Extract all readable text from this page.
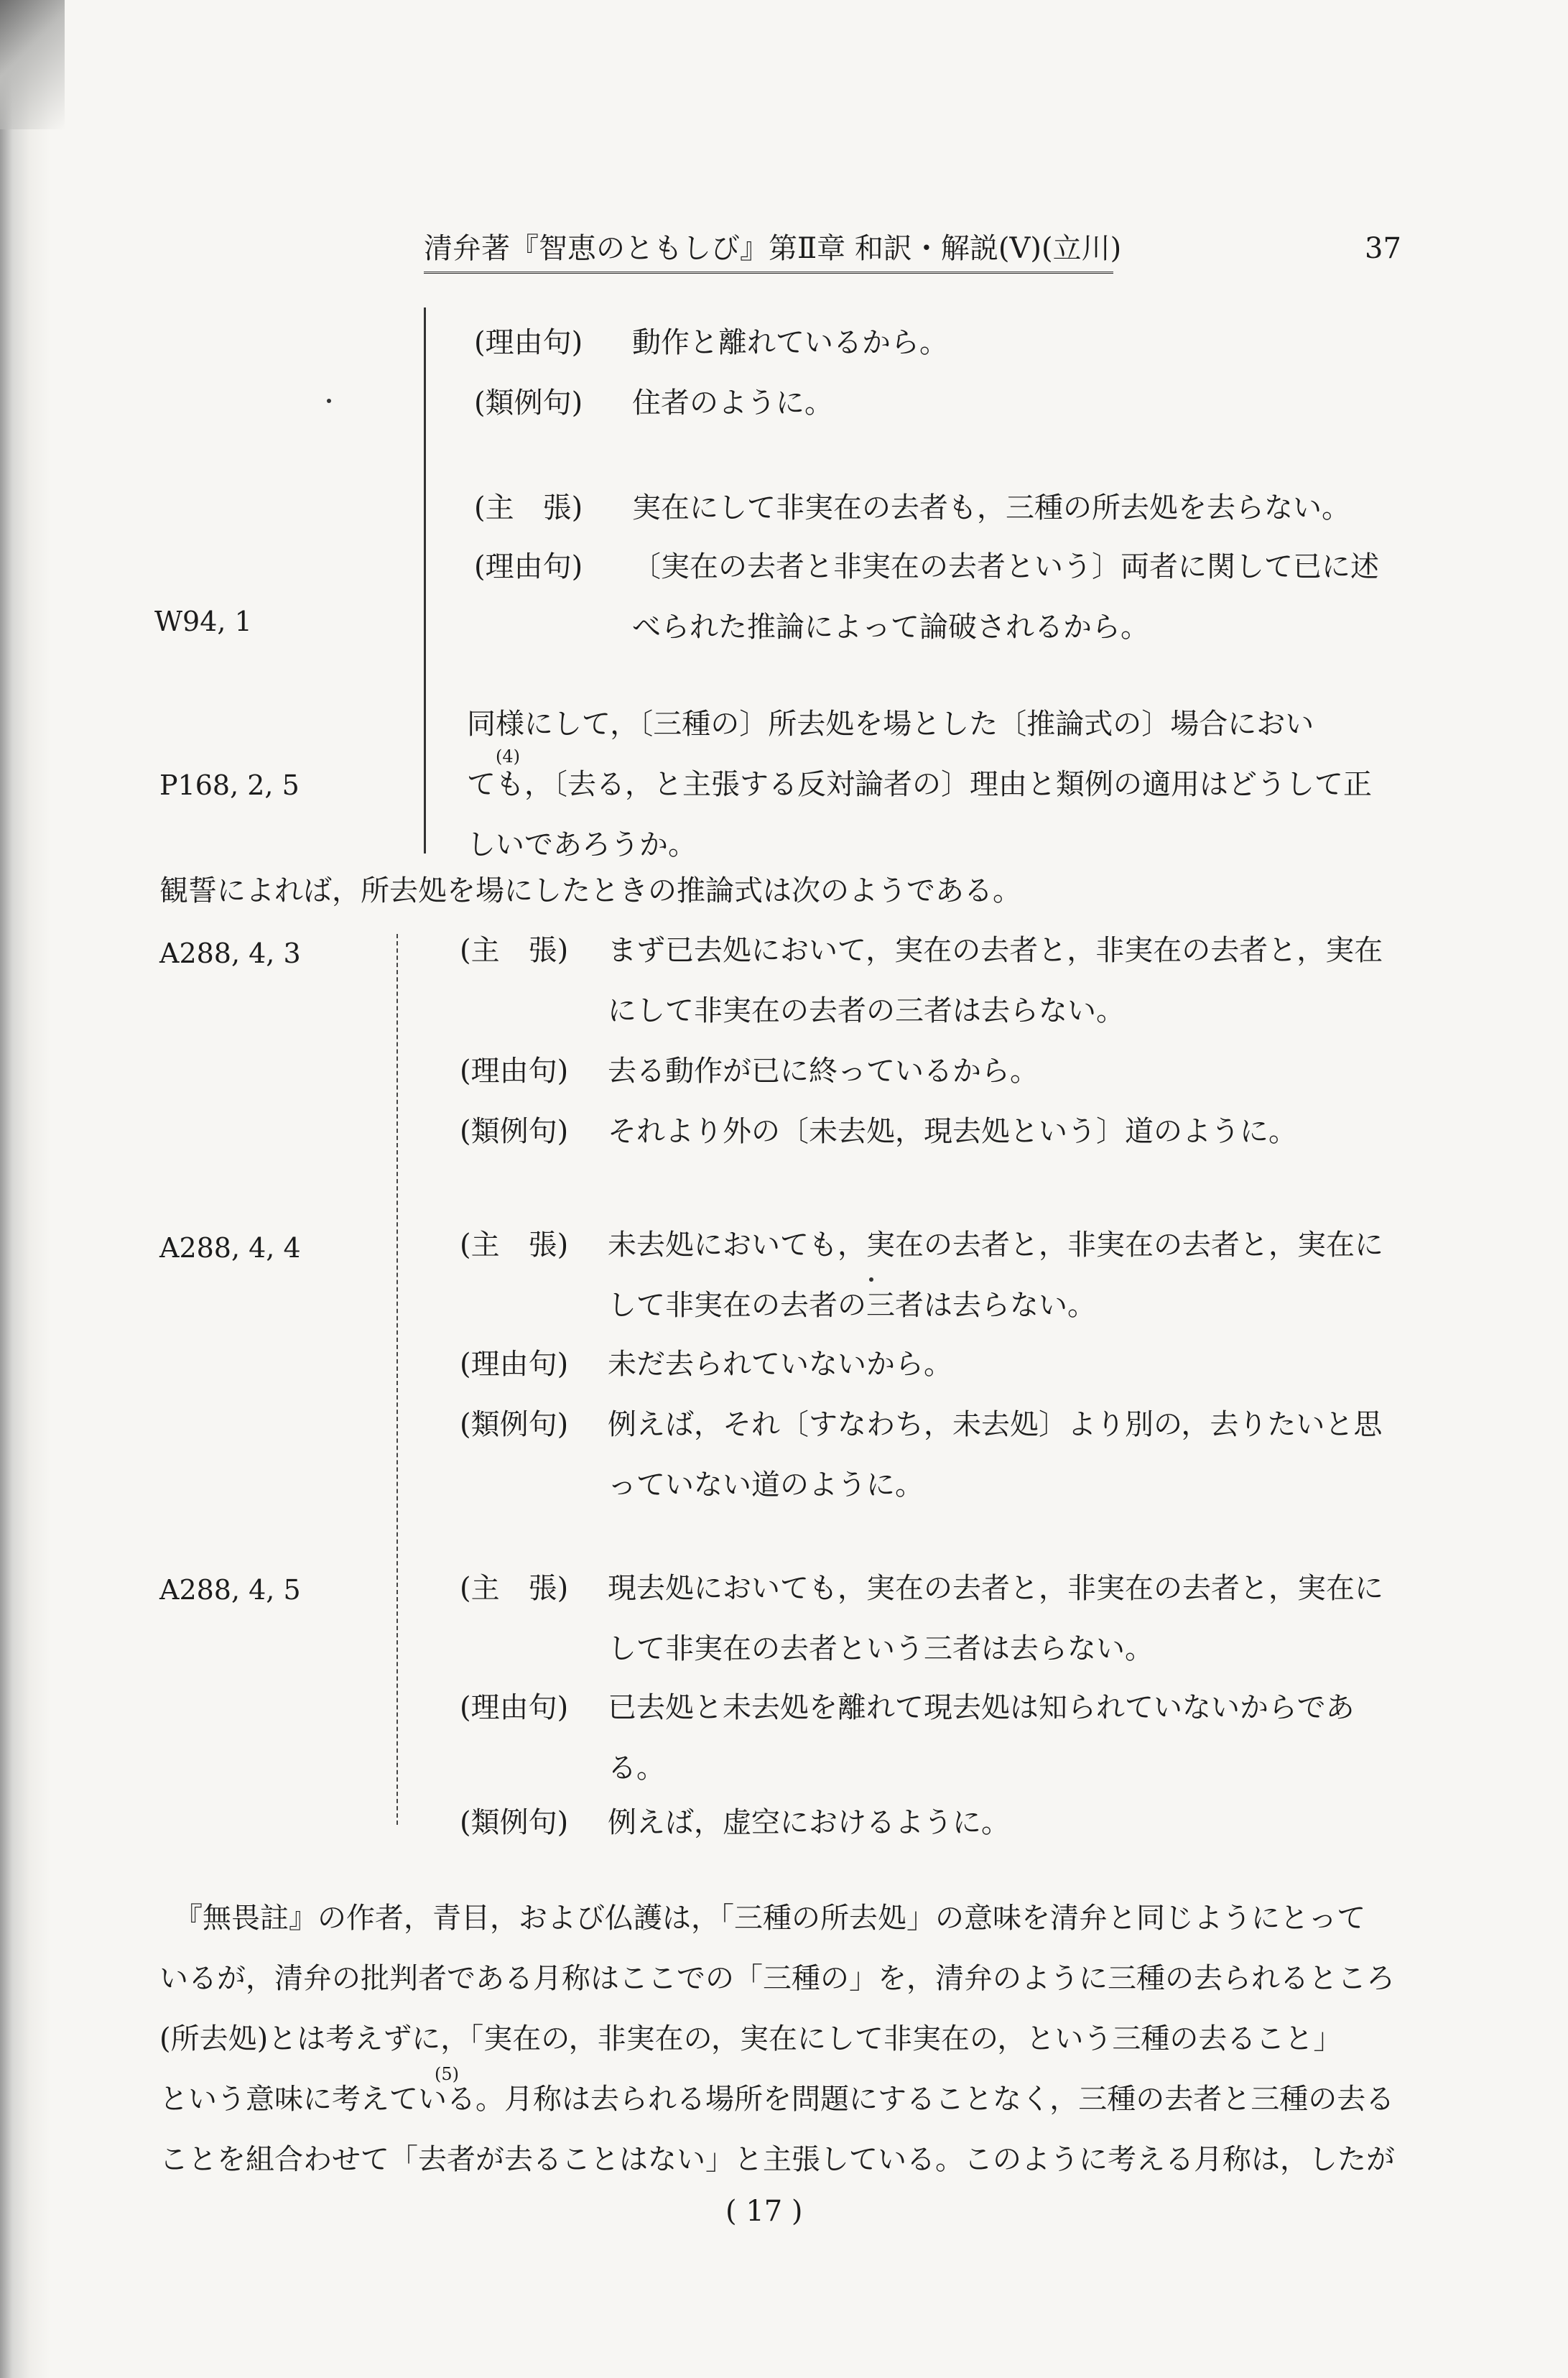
清弁著『智恵のともしび』第Ⅱ章 和訳・解説(Ⅴ)(立川)	37
W94, 1
P168, 2, 5
A288, 4, 3
A288, 4, 4
A288, 4, 5
(理由句) 動作と離れているから。
(類例句) 住者のように。
(主　張) 実在にして非実在の去者も，三種の所去処を去らない。
(理由句) 〔実在の去者と非実在の去者という〕両者に関して已に述
べられた推論によって論破されるから。
同様にして，〔三種の〕所去処を場とした〔推論式の〕場合におい
ても，〔去る，と主張する反対論者の〕理由と類例の適用はどうして正
しいであろうか。
(4)
観誓によれば，所去処を場にしたときの推論式は次のようである。
(主　張) まず已去処において，実在の去者と，非実在の去者と，実在
にして非実在の去者の三者は去らない。
(理由句) 去る動作が已に終っているから。
(類例句) それより外の〔未去処，現去処という〕道のように。
(主　張) 未去処においても，実在の去者と，非実在の去者と，実在に
して非実在の去者の三者は去らない。
(理由句) 未だ去られていないから。
(類例句) 例えば，それ〔すなわち，未去処〕より別の，去りたいと思
っていない道のように。
(主　張) 現去処においても，実在の去者と，非実在の去者と，実在に
して非実在の去者という三者は去らない。
(理由句) 已去処と未去処を離れて現去処は知られていないからであ
る。
(類例句) 例えば，虚空におけるように。
『無畏註』の作者，青目，および仏護は，「三種の所去処」の意味を清弁と同じようにとって
いるが，清弁の批判者である月称はここでの「三種の」を，清弁のように三種の去られるところ
(所去処)とは考えずに，「実在の，非実在の，実在にして非実在の，という三種の去ること」
という意味に考えている。月称は去られる場所を問題にすることなく，三種の去者と三種の去る
ことを組合わせて「去者が去ることはない」と主張している。このように考える月称は，したが
(5)
( 17 )
